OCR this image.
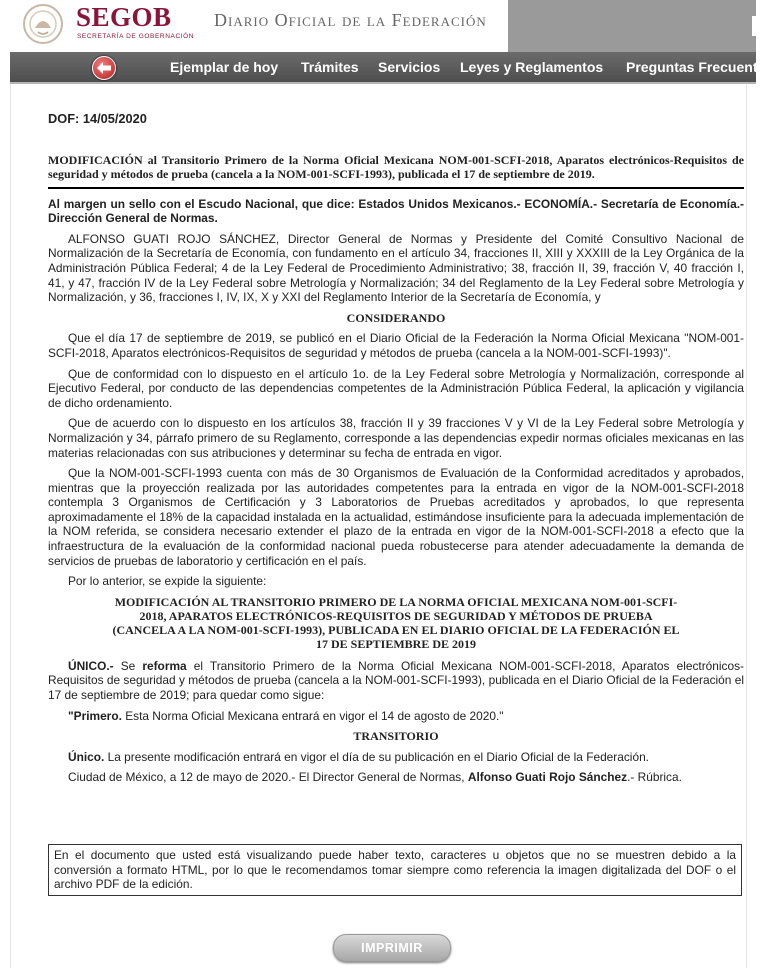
SEGOB
SECRETARÍA DE GOBERNACIÓN
Diario Oficial de la Federación
Ejemplar de hoy Trámites Servicios Leyes y Reglamentos Preguntas Frecuentes
DOF: 14/05/2020

MODIFICACIÓN al Transitorio Primero de la Norma Oficial Mexicana NOM-001-SCFI-2018, Aparatos electrónicos-Requisitos de seguridad y métodos de prueba (cancela a la NOM-001-SCFI-1993), publicada el 17 de septiembre de 2019.

Al margen un sello con el Escudo Nacional, que dice: Estados Unidos Mexicanos.- ECONOMÍA.- Secretaría de Economía.- Dirección General de Normas.

ALFONSO GUATI ROJO SÁNCHEZ, Director General de Normas y Presidente del Comité Consultivo Nacional de Normalización de la Secretaría de Economía, con fundamento en el artículo 34, fracciones II, XIII y XXXIII de la Ley Orgánica de la Administración Pública Federal; 4 de la Ley Federal de Procedimiento Administrativo; 38, fracción II, 39, fracción V, 40 fracción I, 41, y 47, fracción IV de la Ley Federal sobre Metrología y Normalización; 34 del Reglamento de la Ley Federal sobre Metrología y Normalización, y 36, fracciones I, IV, IX, X y XXI del Reglamento Interior de la Secretaría de Economía, y

CONSIDERANDO

Que el día 17 de septiembre de 2019, se publicó en el Diario Oficial de la Federación la Norma Oficial Mexicana "NOM-001-SCFI-2018, Aparatos electrónicos-Requisitos de seguridad y métodos de prueba (cancela a la NOM-001-SCFI-1993)".

Que de conformidad con lo dispuesto en el artículo 1o. de la Ley Federal sobre Metrología y Normalización, corresponde al Ejecutivo Federal, por conducto de las dependencias competentes de la Administración Pública Federal, la aplicación y vigilancia de dicho ordenamiento.

Que de acuerdo con lo dispuesto en los artículos 38, fracción II y 39 fracciones V y VI de la Ley Federal sobre Metrología y Normalización y 34, párrafo primero de su Reglamento, corresponde a las dependencias expedir normas oficiales mexicanas en las materias relacionadas con sus atribuciones y determinar su fecha de entrada en vigor.

Que la NOM-001-SCFI-1993 cuenta con más de 30 Organismos de Evaluación de la Conformidad acreditados y aprobados, mientras que la proyección realizada por las autoridades competentes para la entrada en vigor de la NOM-001-SCFI-2018 contempla 3 Organismos de Certificación y 3 Laboratorios de Pruebas acreditados y aprobados, lo que representa aproximadamente el 18% de la capacidad instalada en la actualidad, estimándose insuficiente para la adecuada implementación de la NOM referida, se considera necesario extender el plazo de la entrada en vigor de la NOM-001-SCFI-2018 a efecto que la infraestructura de la evaluación de la conformidad nacional pueda robustecerse para atender adecuadamente la demanda de servicios de pruebas de laboratorio y certificación en el país.

Por lo anterior, se expide la siguiente:

MODIFICACIÓN AL TRANSITORIO PRIMERO DE LA NORMA OFICIAL MEXICANA NOM-001-SCFI-2018, APARATOS ELECTRÓNICOS-REQUISITOS DE SEGURIDAD Y MÉTODOS DE PRUEBA (CANCELA A LA NOM-001-SCFI-1993), PUBLICADA EN EL DIARIO OFICIAL DE LA FEDERACIÓN EL 17 DE SEPTIEMBRE DE 2019

ÚNICO.- Se reforma el Transitorio Primero de la Norma Oficial Mexicana NOM-001-SCFI-2018, Aparatos electrónicos-Requisitos de seguridad y métodos de prueba (cancela a la NOM-001-SCFI-1993), publicada en el Diario Oficial de la Federación el 17 de septiembre de 2019; para quedar como sigue:

"Primero. Esta Norma Oficial Mexicana entrará en vigor el 14 de agosto de 2020."

TRANSITORIO

Único. La presente modificación entrará en vigor el día de su publicación en el Diario Oficial de la Federación.

Ciudad de México, a 12 de mayo de 2020.- El Director General de Normas, Alfonso Guati Rojo Sánchez.- Rúbrica.

En el documento que usted está visualizando puede haber texto, caracteres u objetos que no se muestren debido a la conversión a formato HTML, por lo que le recomendamos tomar siempre como referencia la imagen digitalizada del DOF o el archivo PDF de la edición.
IMPRIMIR
